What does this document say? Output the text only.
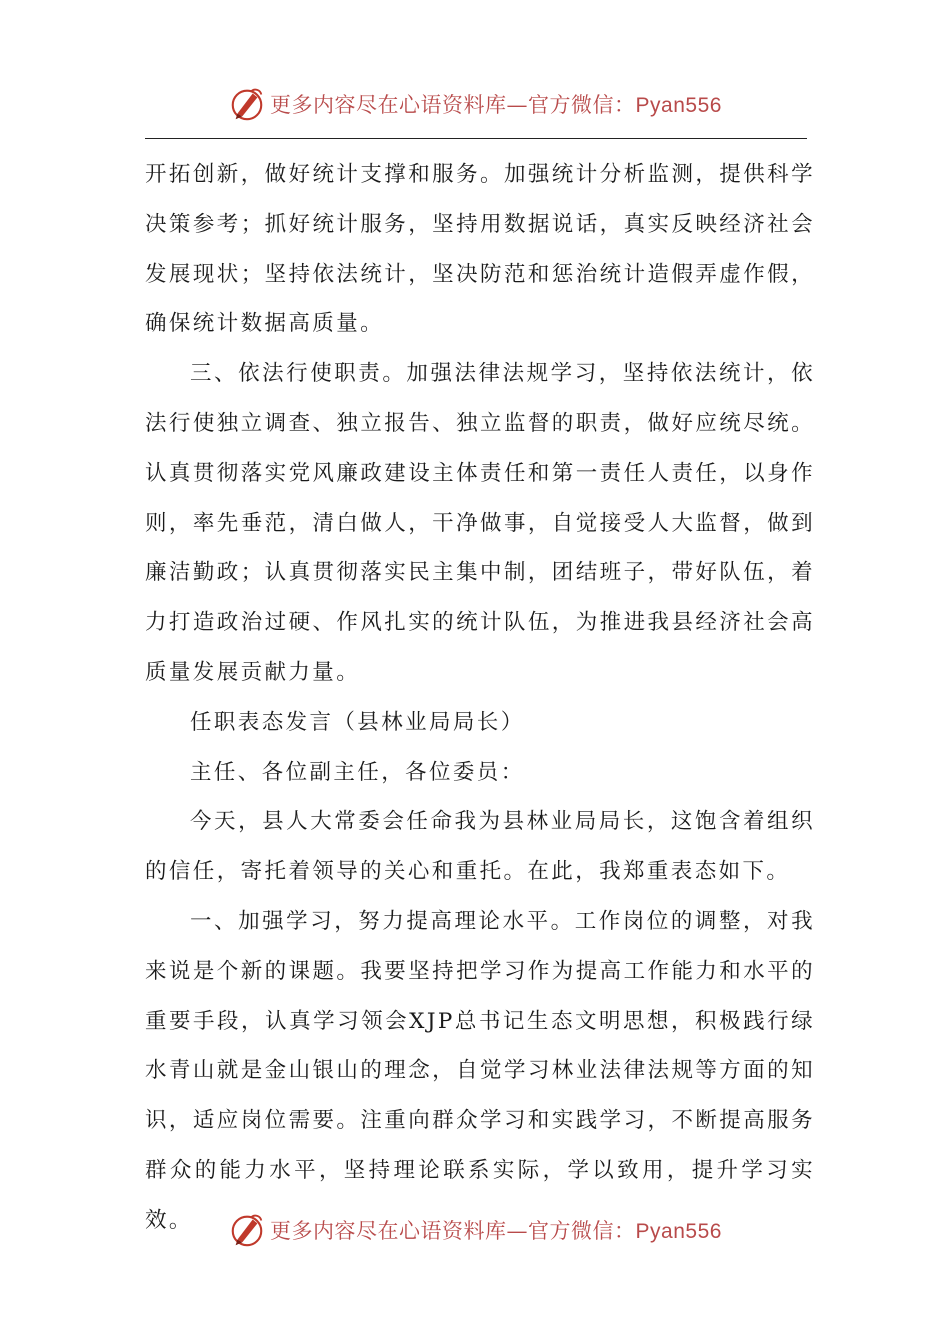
更多内容尽在心语资料库—官方微信：Pyan556

开拓创新，做好统计支撑和服务。加强统计分析监测，提供科学决策参考；抓好统计服务，坚持用数据说话，真实反映经济社会发展现状；坚持依法统计，坚决防范和惩治统计造假弄虚作假，确保统计数据高质量。

三、依法行使职责。加强法律法规学习，坚持依法统计，依法行使独立调查、独立报告、独立监督的职责，做好应统尽统。认真贯彻落实党风廉政建设主体责任和第一责任人责任，以身作则，率先垂范，清白做人，干净做事，自觉接受人大监督，做到廉洁勤政；认真贯彻落实民主集中制，团结班子，带好队伍，着力打造政治过硬、作风扎实的统计队伍，为推进我县经济社会高质量发展贡献力量。

任职表态发言（县林业局局长）

主任、各位副主任，各位委员：

今天，县人大常委会任命我为县林业局局长，这饱含着组织的信任，寄托着领导的关心和重托。在此，我郑重表态如下。

一、加强学习，努力提高理论水平。工作岗位的调整，对我来说是个新的课题。我要坚持把学习作为提高工作能力和水平的重要手段，认真学习领会XJP总书记生态文明思想，积极践行绿水青山就是金山银山的理念，自觉学习林业法律法规等方面的知识，适应岗位需要。注重向群众学习和实践学习，不断提高服务群众的能力水平，坚持理论联系实际，学以致用，提升学习实效。	更多内容尽在心语资料库—官方微信：Pyan556
